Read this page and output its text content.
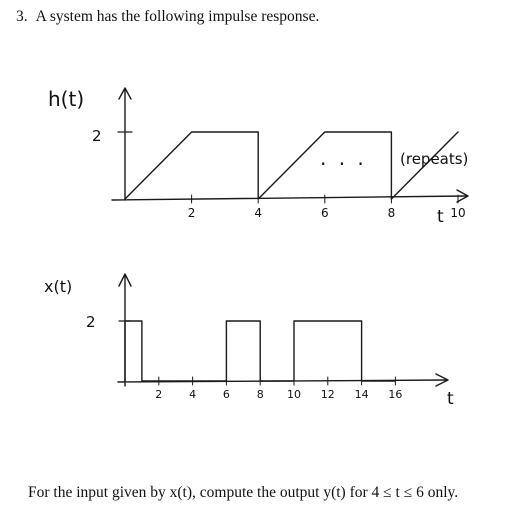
3. A system has the following impulse response.
2	4	6	8	10
. . .
h(t)
2
(repeats)
t
2 4 6 8 10 12 14 16
x(t)
2
t
For the input given by x(t), compute the output y(t) for 4 ≤ t ≤ 6 only.
